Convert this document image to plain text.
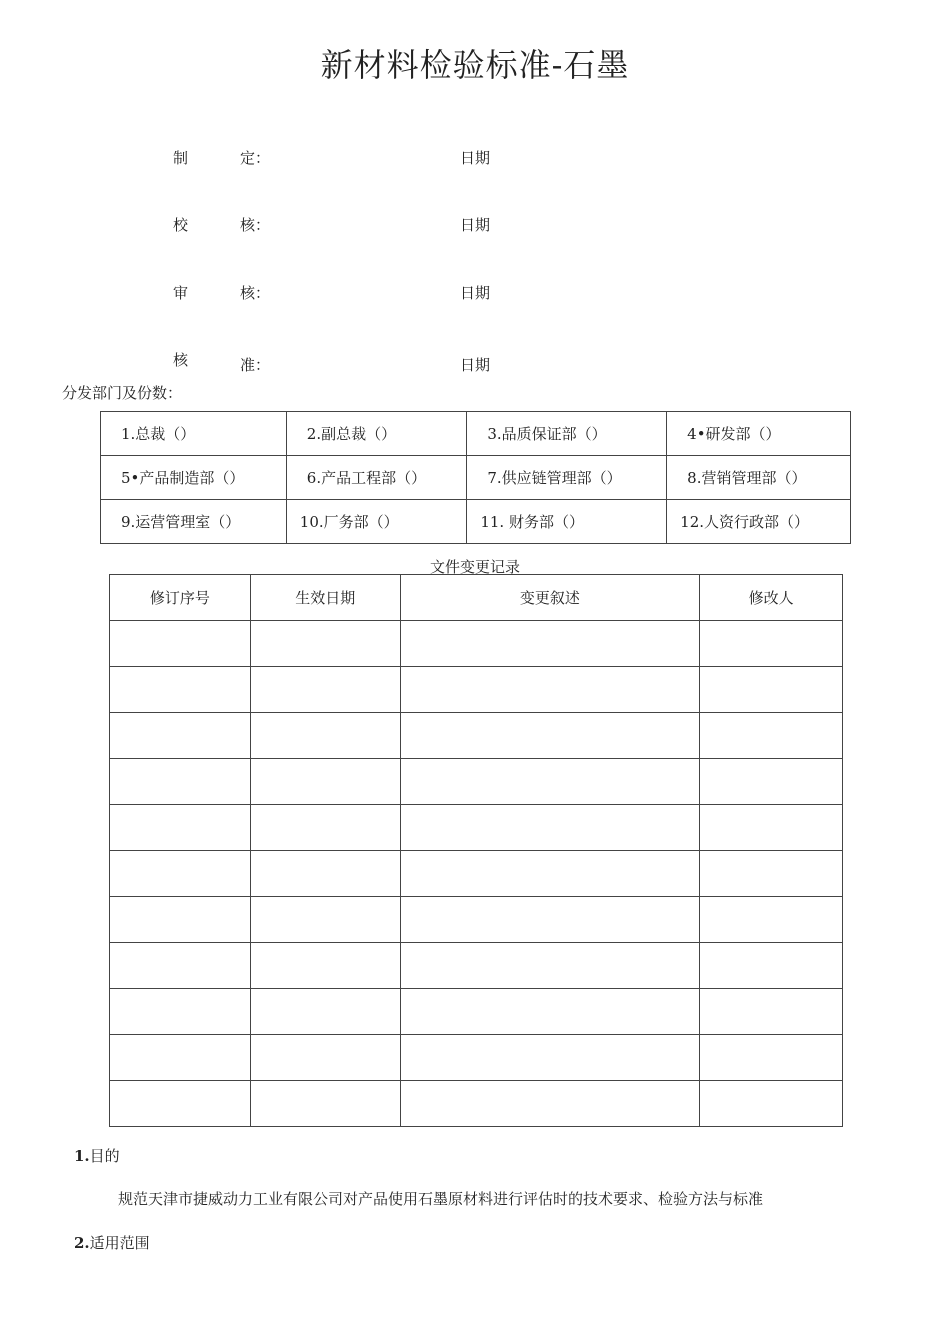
新材料检验标准-石墨
制	定：	日期
校	核：	日期
审	核：	日期
核	准：	日期
分发部门及份数：
1.总裁（）	2.副总裁（）	3.品质保证部（）	4•研发部（）
5•产品制造部（）	6.产品工程部（）	7.供应链管理部（）	8.营销管理部（）
9.运营管理室（）	10.厂务部（）	11. 财务部（）	12.人资行政部（）
文件变更记录
修订序号	生效日期	变更叙述	修改人

1.目的
规范天津市捷威动力工业有限公司对产品使用石墨原材料进行评估时的技术要求、检验方法与标准
2.适用范围
